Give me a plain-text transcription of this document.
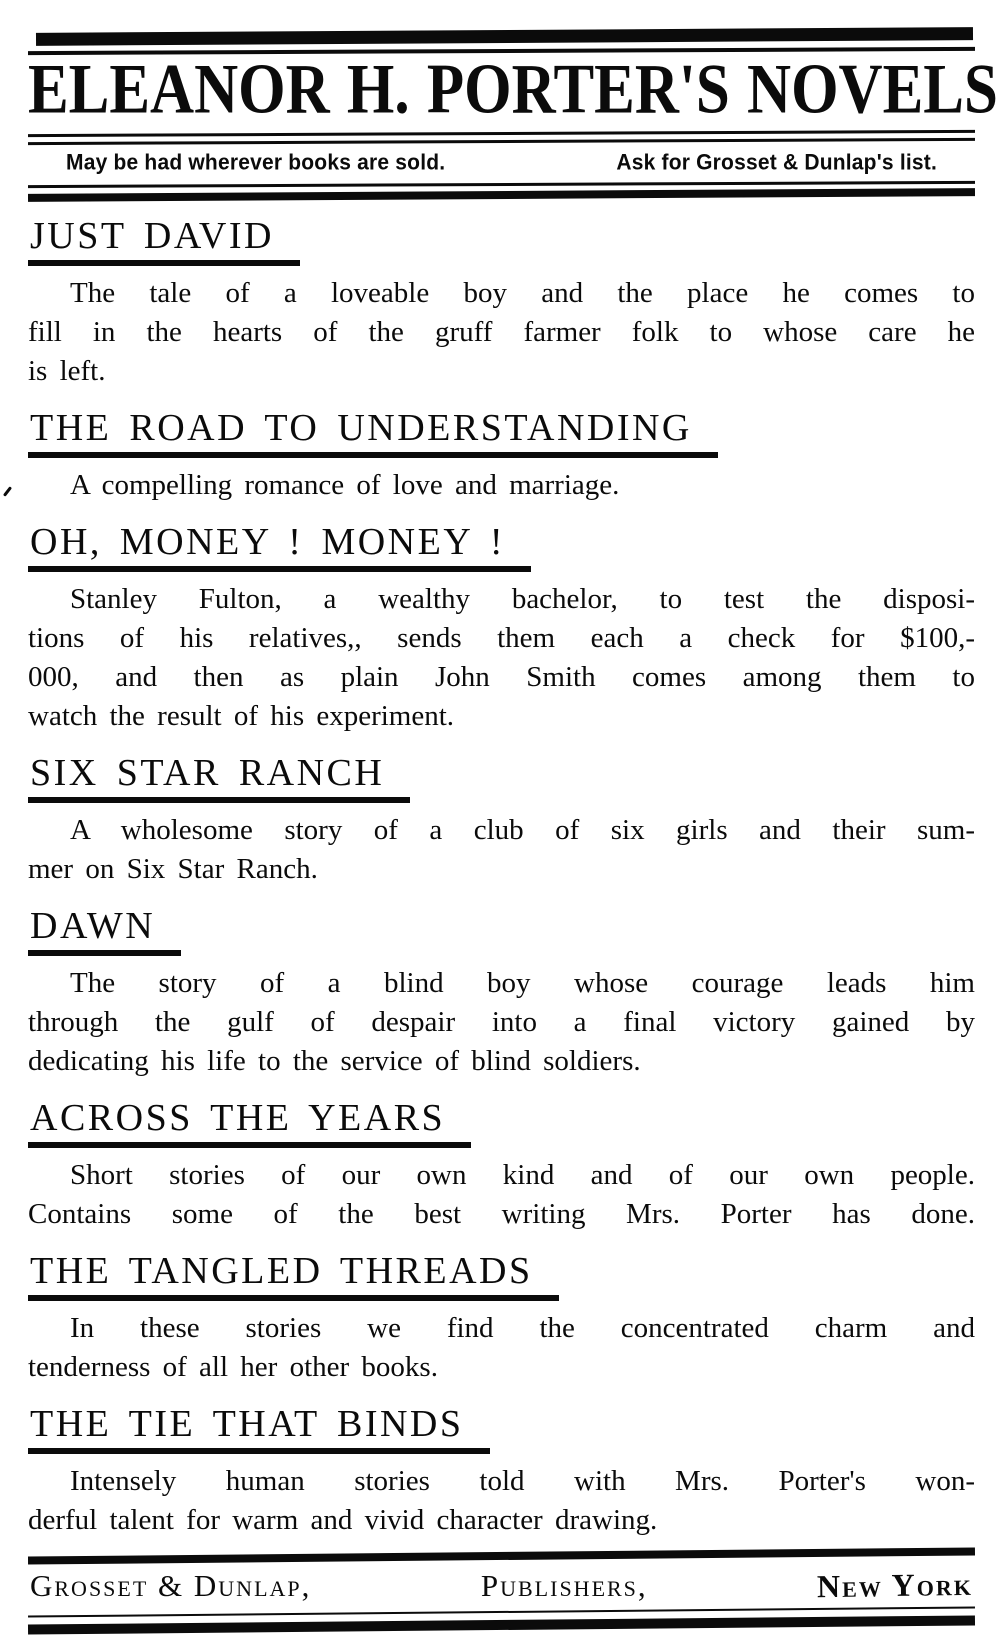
ELEANOR H. PORTER'S NOVELS
May be had wherever books are sold.	Ask for Grosset & Dunlap's list.
JUST DAVID
The tale of a loveable boy and the place he comes to
fill in the hearts of the gruff farmer folk to whose care he
is left.
THE ROAD TO UNDERSTANDING
A compelling romance of love and marriage.
OH, MONEY ! MONEY !
Stanley Fulton, a wealthy bachelor, to test the disposi-
tions of his relatives,, sends them each a check for $100,-
000, and then as plain John Smith comes among them to
watch the result of his experiment.
SIX STAR RANCH
A wholesome story of a club of six girls and their sum-
mer on Six Star Ranch.
DAWN
The story of a blind boy whose courage leads him
through the gulf of despair into a final victory gained by
dedicating his life to the service of blind soldiers.
ACROSS THE YEARS
Short stories of our own kind and of our own people.
Contains some of the best writing Mrs. Porter has done.
THE TANGLED THREADS
In these stories we find the concentrated charm and
tenderness of all her other books.
THE TIE THAT BINDS
Intensely human stories told with Mrs. Porter's won-
derful talent for warm and vivid character drawing.
Grosset & Dunlap,	Publishers,	New York
